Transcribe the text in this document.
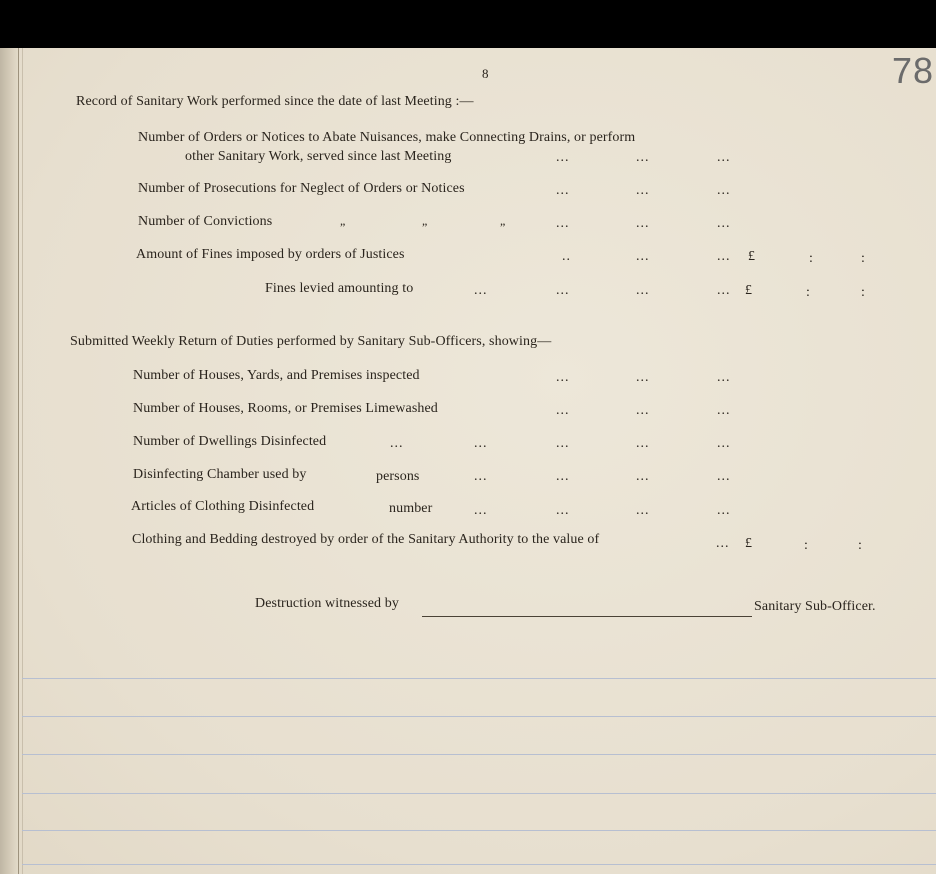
8	78
Record of Sanitary Work performed since the date of last Meeting :—
Number of Orders or Notices to Abate Nuisances, make Connecting Drains, or perform
other Sanitary Work, served since last Meeting	...	...	...
Number of Prosecutions for Neglect of Orders or Notices	...	...	...
Number of Convictions	”	”	”	...	...	...
Amount of Fines imposed by orders of Justices	..	...	... £	:	:
Fines levied amounting to	...	...	...	... £	:	:
Submitted Weekly Return of Duties performed by Sanitary Sub-Officers, showing—
Number of Houses, Yards, and Premises inspected	...	...	...
Number of Houses, Rooms, or Premises Limewashed	...	...	...
Number of Dwellings Disinfected	...	...	...	...	...
Disinfecting Chamber used by	persons	...	...	...	...
Articles of Clothing Disinfected	number	...	...	...	...
Clothing and Bedding destroyed by order of the Sanitary Authority to the value of	... £	:	:
Destruction witnessed by	Sanitary Sub-Officer.
